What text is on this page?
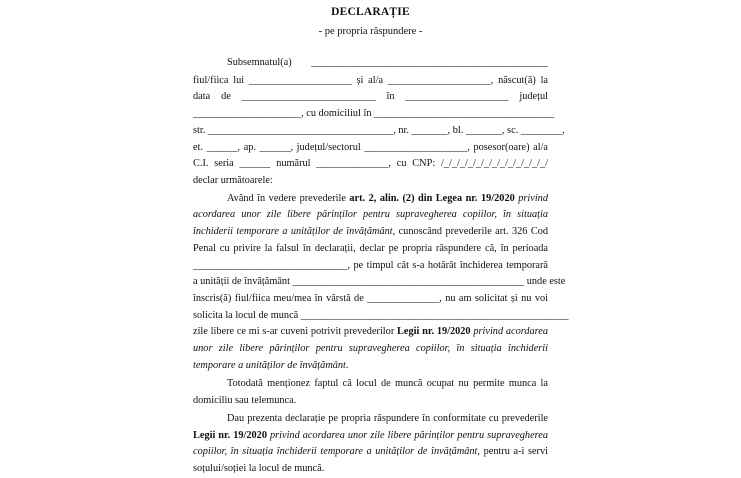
DECLARAȚIE
- pe propria răspundere -
Subsemnatul(a) ______________________________________________
fiul/fiica lui ____________________ și al/a ____________________, născut(ă) la
data de __________________________ în ____________________ județul
_____________________, cu domiciliul în ___________________________________
str. ____________________________________, nr. _______, bl. _______, sc. ________,
et. ______, ap. ______, județul/sectorul ____________________, posesor(oare) al/a
C.I. seria ______ numărul ______________, cu CNP: /_/_/_/_/_/_/_/_/_/_/_/_/_/
declar următoarele:
Având în vedere prevederile art. 2, alin. (2) din Legea nr. 19/2020 privind
acordarea unor zile libere părinților pentru supravegherea copiilor, în situația
închiderii temporare a unităților de învățământ, cunoscând prevederile art. 326 Cod
Penal cu privire la falsul în declarații, declar pe propria răspundere că, în perioada
______________________________, pe timpul cât s-a hotărât închiderea temporară
a unității de învățământ _____________________________________________ unde este
înscris(ă) fiul/fiica meu/mea în vârstă de ______________, nu am solicitat și nu voi
solicita la locul de muncă ____________________________________________________
zile libere ce mi s-ar cuveni potrivit prevederilor Legii nr. 19/2020 privind acordarea
unor zile libere părinților pentru supravegherea copiilor, în situația închiderii
temporare a unităților de învățământ.
Totodată menționez faptul că locul de muncă ocupat nu permite munca la
domiciliu sau telemunca.
Dau prezenta declarație pe propria răspundere în conformitate cu prevederile
Legii nr. 19/2020 privind acordarea unor zile libere părinților pentru supravegherea
copiilor, în situația închiderii temporare a unităților de învățământ, pentru a-i servi
soțului/soției la locul de muncă.
